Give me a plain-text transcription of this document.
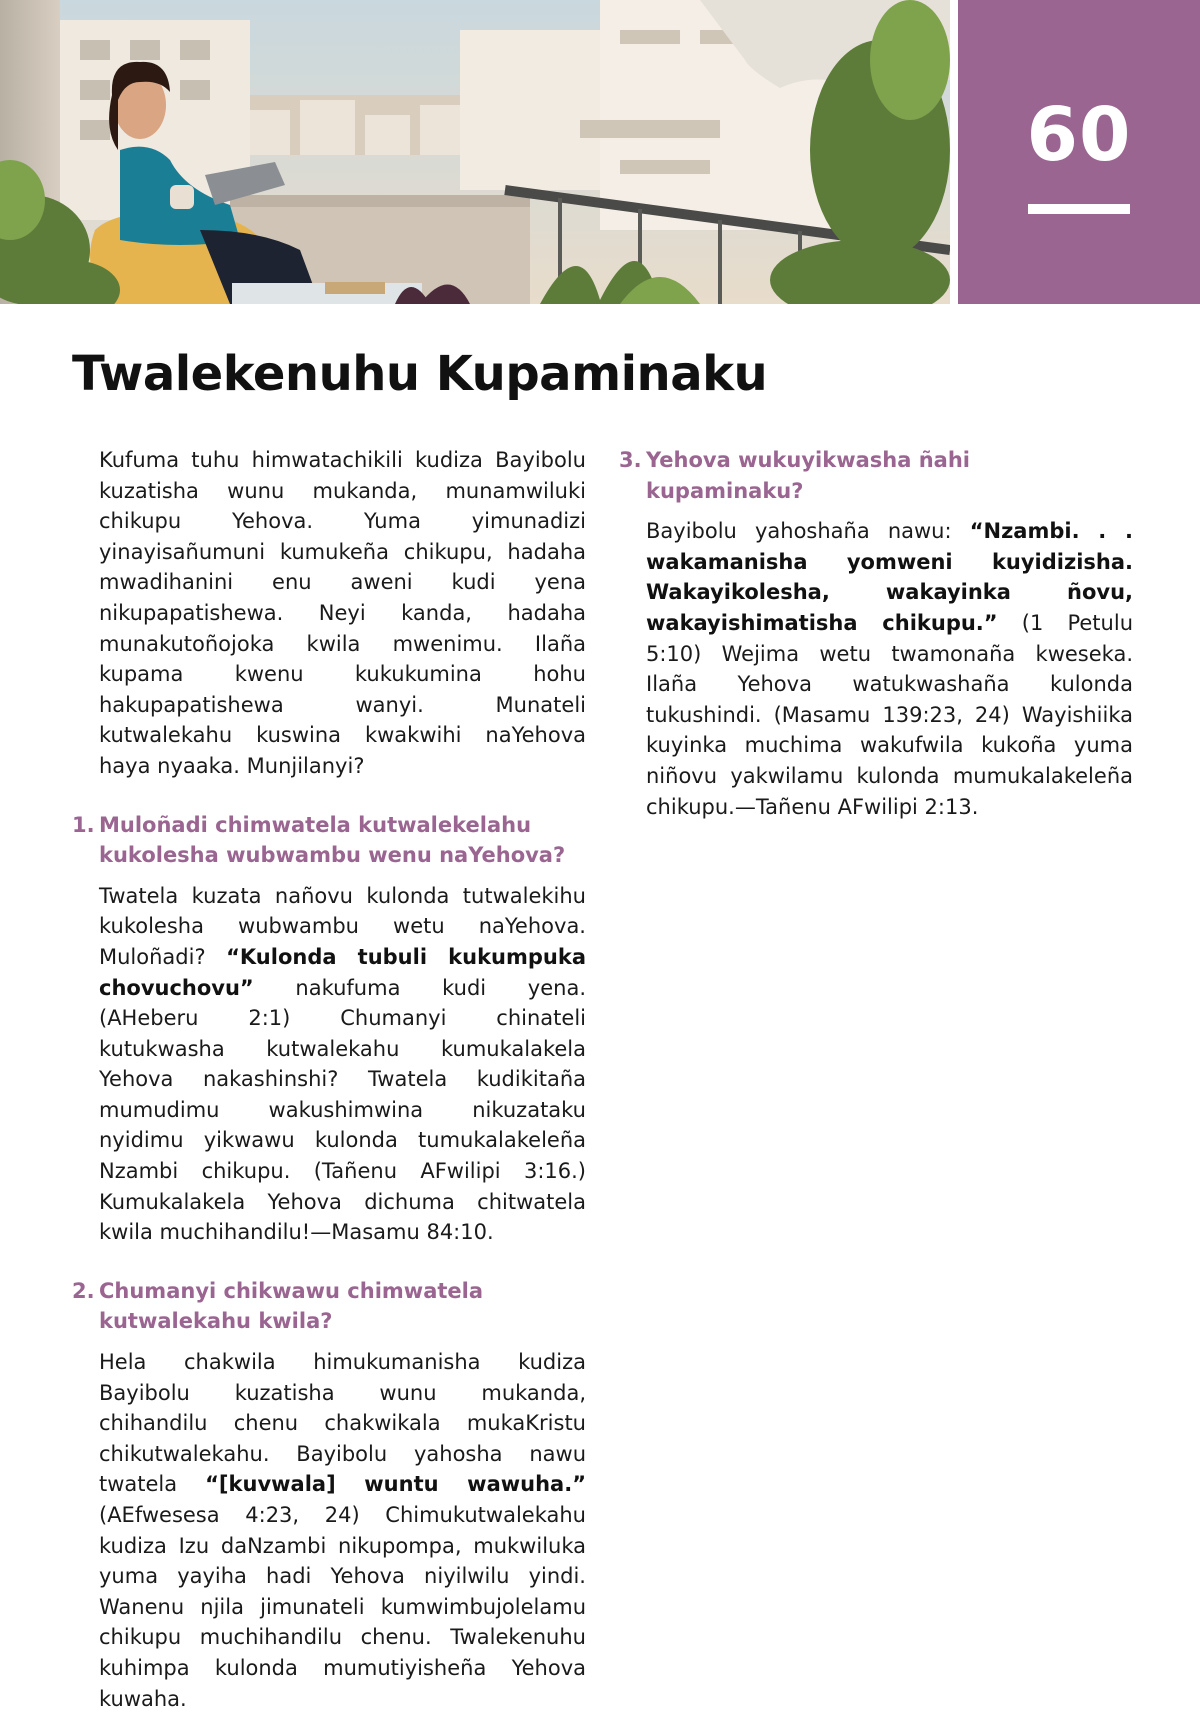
60
Twalekenuhu Kupaminaku

Kufuma tuhu himwatachikili kudiza Bayibolu kuzatisha wunu mukanda, munamwiluki chikupu Yehova. Yuma yimunadizi yinayisañumuni kumukeña chikupu, hadaha mwadihanini enu aweni kudi yena nikupapatishewa. Neyi kanda, hadaha munakutoñojoka kwila mwenimu. Ilaña kupama kwenu kukukumina hohu hakupapatishewa wanyi. Munateli kutwalekahu kuswina kwakwihi naYehova haya nyaaka. Munjilanyi?

1. Muloñadi chimwatela kutwalekelahu kukolesha wubwambu wenu naYehova?

Twatela kuzata nañovu kulonda tutwalekihu kukolesha wubwambu wetu naYehova. Muloñadi? “Kulonda tubuli kukumpuka chovuchovu” nakufuma kudi yena. (AHeberu 2:1) Chumanyi chinateli kutukwasha kutwalekahu kumukalakela Yehova nakashinshi? Twatela kudikitaña mumudimu wakushimwina nikuzataku nyidimu yikwawu kulonda tumukalakeleña Nzambi chikupu. (Tañenu AFwilipi 3:16.) Kumukalakela Yehova dichuma chitwatela kwila muchihandilu!—Masamu 84:10.

2. Chumanyi chikwawu chimwatela kutwalekahu kwila?

Hela chakwila himukumanisha kudiza Bayibolu kuzatisha wunu mukanda, chihandilu chenu chakwikala mukaKristu chikutwalekahu. Bayibolu yahosha nawu twatela “[kuvwala] wuntu wawuha.” (AEfwesesa 4:23, 24) Chimukutwalekahu kudiza Izu daNzambi nikupompa, mukwiluka yuma yayiha hadi Yehova niyilwilu yindi. Wanenu njila jimunateli kumwimbujolelamu chikupu muchihandilu chenu. Twalekenuhu kuhimpa kulonda mumutiyisheña Yehova kuwaha.

3. Yehova wukuyikwasha ñahi kupaminaku?

Bayibolu yahoshaña nawu: “Nzambi. . . wakamanisha yomweni kuyidizisha. Wakayikolesha, wakayinka ñovu, wakayishimatisha chikupu.” (1 Petulu 5:10) Wejima wetu twamonaña kweseka. Ilaña Yehova watukwashaña kulonda tukushindi. (Masamu 139:23, 24) Wayishiika kuyinka muchima wakufwila kukoña yuma niñovu yakwilamu kulonda mumukalakeleña chikupu.—Tañenu AFwilipi 2:13.
